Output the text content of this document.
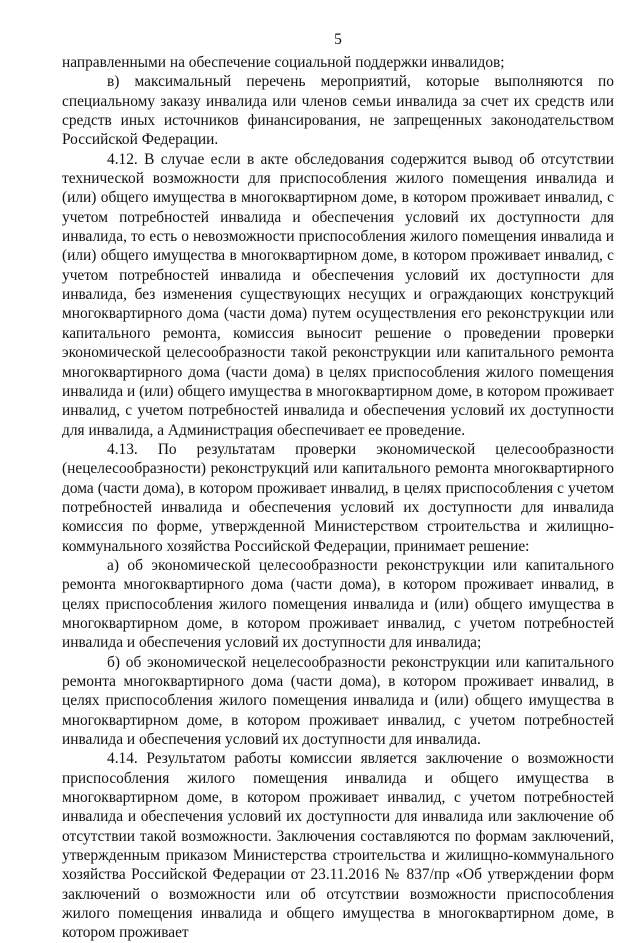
5

направленными на обеспечение социальной поддержки инвалидов;

в) максимальный перечень мероприятий, которые выполняются по специальному заказу инвалида или членов семьи инвалида за счет их средств или средств иных источников финансирования, не запрещенных законодательством Российской Федерации.

4.12. В случае если в акте обследования содержится вывод об отсутствии технической возможности для приспособления жилого помещения инвалида и (или) общего имущества в многоквартирном доме, в котором проживает инвалид, с учетом потребностей инвалида и обеспечения условий их доступности для инвалида, то есть о невозможности приспособления жилого помещения инвалида и (или) общего имущества в многоквартирном доме, в котором проживает инвалид, с учетом потребностей инвалида и обеспечения условий их доступности для инвалида, без изменения существующих несущих и ограждающих конструкций многоквартирного дома (части дома) путем осуществления его реконструкции или капитального ремонта, комиссия выносит решение о проведении проверки экономической целесообразности такой реконструкции или капитального ремонта многоквартирного дома (части дома) в целях приспособления жилого помещения инвалида и (или) общего имущества в многоквартирном доме, в котором проживает инвалид, с учетом потребностей инвалида и обеспечения условий их доступности для инвалида, а Администрация обеспечивает ее проведение.

4.13. По результатам проверки экономической целесообразности (нецелесообразности) реконструкций или капитального ремонта многоквартирного дома (части дома), в котором проживает инвалид, в целях приспособления с учетом потребностей инвалида и обеспечения условий их доступности для инвалида комиссия по форме, утвержденной Министерством строительства и жилищно-коммунального хозяйства Российской Федерации, принимает решение:

а) об экономической целесообразности реконструкции или капитального ремонта многоквартирного дома (части дома), в котором проживает инвалид, в целях приспособления жилого помещения инвалида и (или) общего имущества в многоквартирном доме, в котором проживает инвалид, с учетом потребностей инвалида и обеспечения условий их доступности для инвалида;

б) об экономической нецелесообразности реконструкции или капитального ремонта многоквартирного дома (части дома), в котором проживает инвалид, в целях приспособления жилого помещения инвалида и (или) общего имущества в многоквартирном доме, в котором проживает инвалид, с учетом потребностей инвалида и обеспечения условий их доступности для инвалида.

4.14. Результатом работы комиссии является заключение о возможности приспособления жилого помещения инвалида и общего имущества в многоквартирном доме, в котором проживает инвалид, с учетом потребностей инвалида и обеспечения условий их доступности для инвалида или заключение об отсутствии такой возможности. Заключения составляются по формам заключений, утвержденным приказом Министерства строительства и жилищно-коммунального хозяйства Российской Федерации от 23.11.2016 № 837/пр «Об утверждении форм заключений о возможности или об отсутствии возможности приспособления жилого помещения инвалида и общего имущества в многоквартирном доме, в котором проживает
